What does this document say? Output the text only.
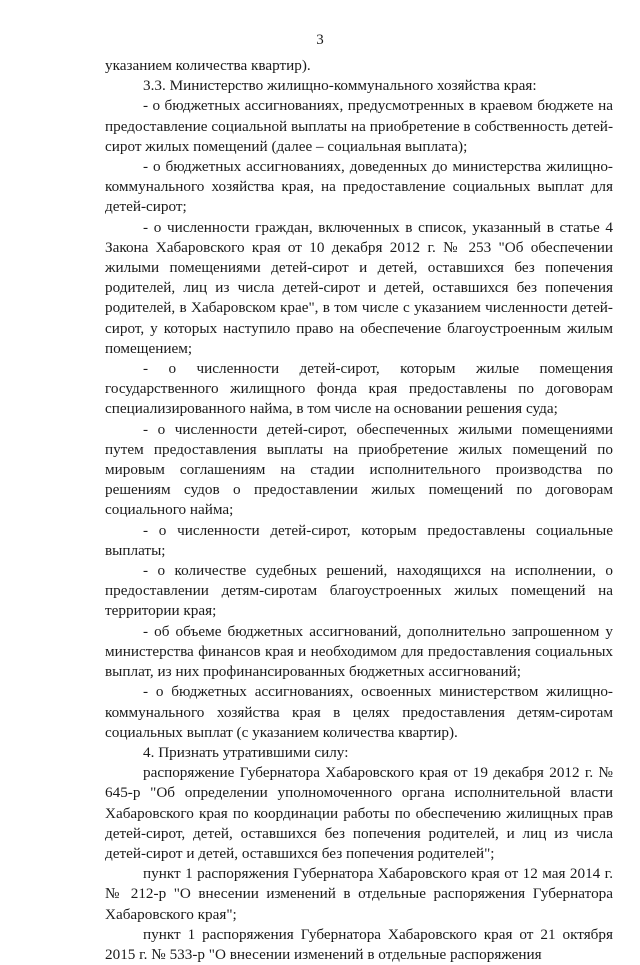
3

указанием количества квартир).

3.3. Министерство жилищно-коммунального хозяйства края:

- о бюджетных ассигнованиях, предусмотренных в краевом бюджете на предоставление социальной выплаты на приобретение в собственность детей-сирот жилых помещений (далее – социальная выплата);

- о бюджетных ассигнованиях, доведенных до министерства жилищно-коммунального хозяйства края, на предоставление социальных выплат для детей-сирот;

- о численности граждан, включенных в список, указанный в статье 4 Закона Хабаровского края от 10 декабря 2012 г. № 253 "Об обеспечении жилыми помещениями детей-сирот и детей, оставшихся без попечения родителей, лиц из числа детей-сирот и детей, оставшихся без попечения родителей, в Хабаровском крае", в том числе с указанием численности детей-сирот, у которых наступило право на обеспечение благоустроенным жилым помещением;

- о численности детей-сирот, которым жилые помещения государственного жилищного фонда края предоставлены по договорам специализированного найма, в том числе на основании решения суда;

- о численности детей-сирот, обеспеченных жилыми помещениями путем предоставления выплаты на приобретение жилых помещений по мировым соглашениям на стадии исполнительного производства по решениям судов о предоставлении жилых помещений по договорам социального найма;

- о численности детей-сирот, которым предоставлены социальные выплаты;

- о количестве судебных решений, находящихся на исполнении, о предоставлении детям-сиротам благоустроенных жилых помещений на территории края;

- об объеме бюджетных ассигнований, дополнительно запрошенном у министерства финансов края и необходимом для предоставления социальных выплат, из них профинансированных бюджетных ассигнований;

- о бюджетных ассигнованиях, освоенных министерством жилищно-коммунального хозяйства края в целях предоставления детям-сиротам социальных выплат (с указанием количества квартир).

4. Признать утратившими силу:

распоряжение Губернатора Хабаровского края от 19 декабря 2012 г. № 645-р "Об определении уполномоченного органа исполнительной власти Хабаровского края по координации работы по обеспечению жилищных прав детей-сирот, детей, оставшихся без попечения родителей, и лиц из числа детей-сирот и детей, оставшихся без попечения родителей";

пункт 1 распоряжения Губернатора Хабаровского края от 12 мая 2014 г. № 212-р "О внесении изменений в отдельные распоряжения Губернатора Хабаровского края";

пункт 1 распоряжения Губернатора Хабаровского края от 21 октября 2015 г. № 533-р "О внесении изменений в отдельные распоряжения
